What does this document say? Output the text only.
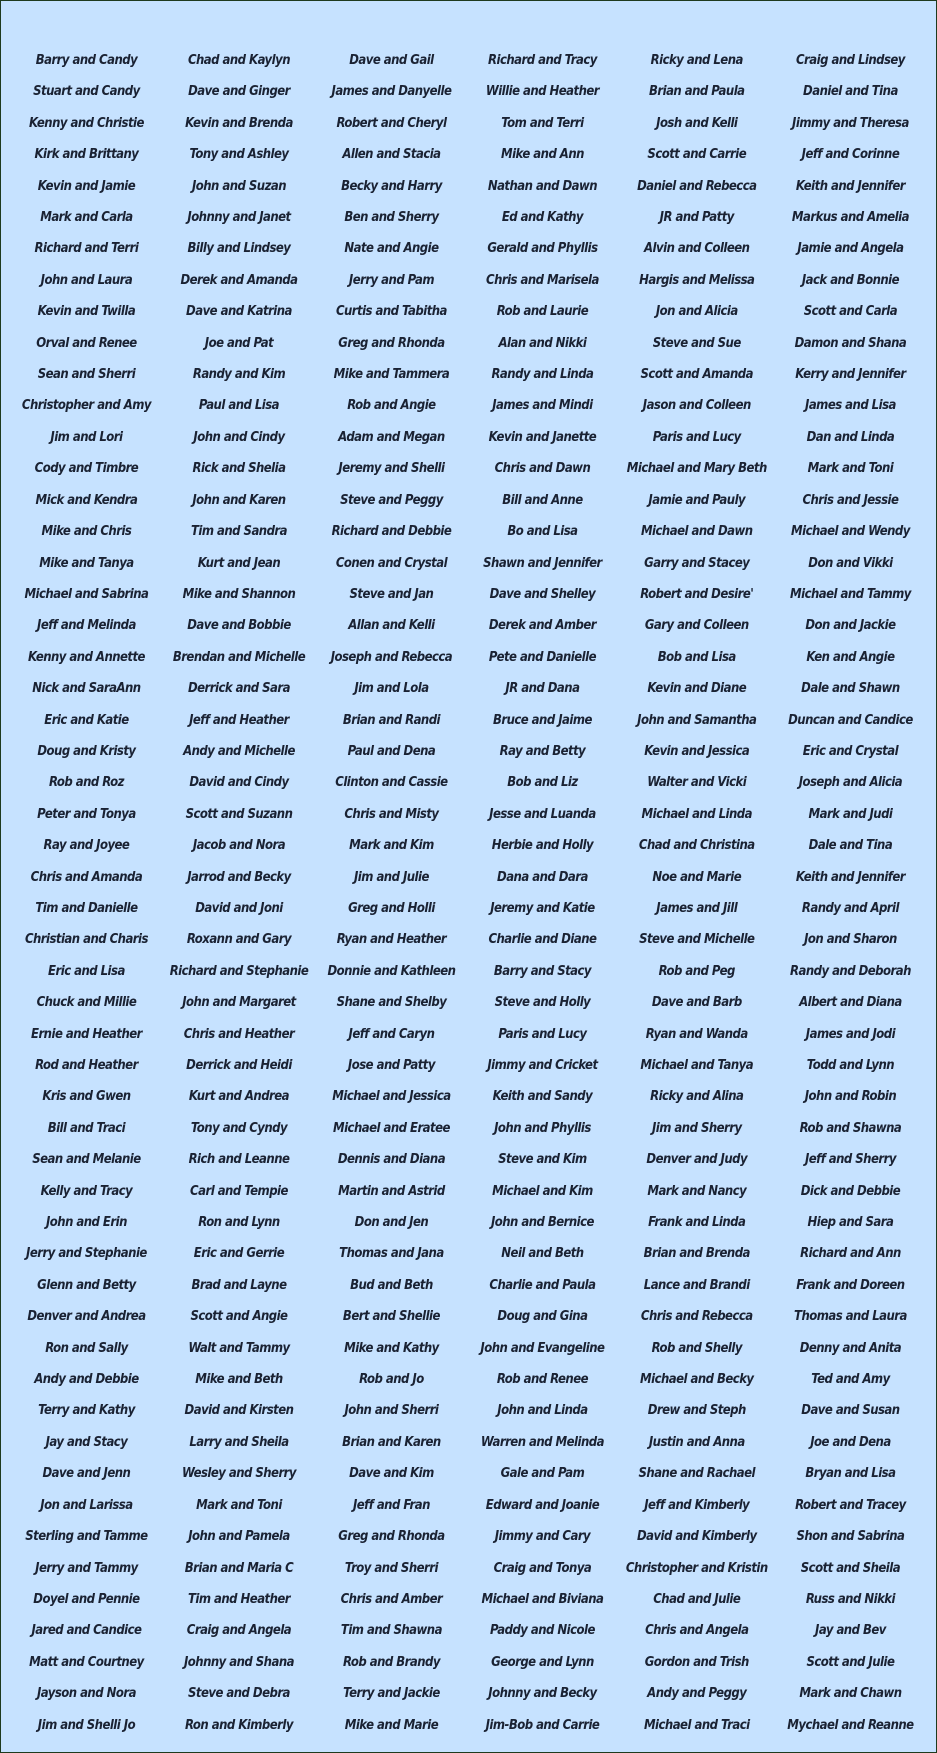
Barry and Candy	Chad and Kaylyn	Dave and Gail	Richard and Tracy	Ricky and Lena	Craig and Lindsey
Stuart and Candy	Dave and Ginger	James and Danyelle	Willie and Heather	Brian and Paula	Daniel and Tina
Kenny and Christie	Kevin and Brenda	Robert and Cheryl	Tom and Terri	Josh and Kelli	Jimmy and Theresa
Kirk and Brittany	Tony and Ashley	Allen and Stacia	Mike and Ann	Scott and Carrie	Jeff and Corinne
Kevin and Jamie	John and Suzan	Becky and Harry	Nathan and Dawn	Daniel and Rebecca	Keith and Jennifer
Mark and Carla	Johnny and Janet	Ben and Sherry	Ed and Kathy	JR and Patty	Markus and Amelia
Richard and Terri	Billy and Lindsey	Nate and Angie	Gerald and Phyllis	Alvin and Colleen	Jamie and Angela
John and Laura	Derek and Amanda	Jerry and Pam	Chris and Marisela	Hargis and Melissa	Jack and Bonnie
Kevin and Twilla	Dave and Katrina	Curtis and Tabitha	Rob and Laurie	Jon and Alicia	Scott and Carla
Orval and Renee	Joe and Pat	Greg and Rhonda	Alan and Nikki	Steve and Sue	Damon and Shana
Sean and Sherri	Randy and Kim	Mike and Tammera	Randy and Linda	Scott and Amanda	Kerry and Jennifer
Christopher and Amy	Paul and Lisa	Rob and Angie	James and Mindi	Jason and Colleen	James and Lisa
Jim and Lori	John and Cindy	Adam and Megan	Kevin and Janette	Paris and Lucy	Dan and Linda
Cody and Timbre	Rick and Shelia	Jeremy and Shelli	Chris and Dawn	Michael and Mary Beth	Mark and Toni
Mick and Kendra	John and Karen	Steve and Peggy	Bill and Anne	Jamie and Pauly	Chris and Jessie
Mike and Chris	Tim and Sandra	Richard and Debbie	Bo and Lisa	Michael and Dawn	Michael and Wendy
Mike and Tanya	Kurt and Jean	Conen and Crystal	Shawn and Jennifer	Garry and Stacey	Don and Vikki
Michael and Sabrina	Mike and Shannon	Steve and Jan	Dave and Shelley	Robert and Desire'	Michael and Tammy
Jeff and Melinda	Dave and Bobbie	Allan and Kelli	Derek and Amber	Gary and Colleen	Don and Jackie
Kenny and Annette	Brendan and Michelle	Joseph and Rebecca	Pete and Danielle	Bob and Lisa	Ken and Angie
Nick and SaraAnn	Derrick and Sara	Jim and Lola	JR and Dana	Kevin and Diane	Dale and Shawn
Eric and Katie	Jeff and Heather	Brian and Randi	Bruce and Jaime	John and Samantha	Duncan and Candice
Doug and Kristy	Andy and Michelle	Paul and Dena	Ray and Betty	Kevin and Jessica	Eric and Crystal
Rob and Roz	David and Cindy	Clinton and Cassie	Bob and Liz	Walter and Vicki	Joseph and Alicia
Peter and Tonya	Scott and Suzann	Chris and Misty	Jesse and Luanda	Michael and Linda	Mark and Judi
Ray and Joyee	Jacob and Nora	Mark and Kim	Herbie and Holly	Chad and Christina	Dale and Tina
Chris and Amanda	Jarrod and Becky	Jim and Julie	Dana and Dara	Noe and Marie	Keith and Jennifer
Tim and Danielle	David and Joni	Greg and Holli	Jeremy and Katie	James and Jill	Randy and April
Christian and Charis	Roxann and Gary	Ryan and Heather	Charlie and Diane	Steve and Michelle	Jon and Sharon
Eric and Lisa	Richard and Stephanie	Donnie and Kathleen	Barry and Stacy	Rob and Peg	Randy and Deborah
Chuck and Millie	John and Margaret	Shane and Shelby	Steve and Holly	Dave and Barb	Albert and Diana
Ernie and Heather	Chris and Heather	Jeff and Caryn	Paris and Lucy	Ryan and Wanda	James and Jodi
Rod and Heather	Derrick and Heidi	Jose and Patty	Jimmy and Cricket	Michael and Tanya	Todd and Lynn
Kris and Gwen	Kurt and Andrea	Michael and Jessica	Keith and Sandy	Ricky and Alina	John and Robin
Bill and Traci	Tony and Cyndy	Michael and Eratee	John and Phyllis	Jim and Sherry	Rob and Shawna
Sean and Melanie	Rich and Leanne	Dennis and Diana	Steve and Kim	Denver and Judy	Jeff and Sherry
Kelly and Tracy	Carl and Tempie	Martin and Astrid	Michael and Kim	Mark and Nancy	Dick and Debbie
John and Erin	Ron and Lynn	Don and Jen	John and Bernice	Frank and Linda	Hiep and Sara
Jerry and Stephanie	Eric and Gerrie	Thomas and Jana	Neil and Beth	Brian and Brenda	Richard and Ann
Glenn and Betty	Brad and Layne	Bud and Beth	Charlie and Paula	Lance and Brandi	Frank and Doreen
Denver and Andrea	Scott and Angie	Bert and Shellie	Doug and Gina	Chris and Rebecca	Thomas and Laura
Ron and Sally	Walt and Tammy	Mike and Kathy	John and Evangeline	Rob and Shelly	Denny and Anita
Andy and Debbie	Mike and Beth	Rob and Jo	Rob and Renee	Michael and Becky	Ted and Amy
Terry and Kathy	David and Kirsten	John and Sherri	John and Linda	Drew and Steph	Dave and Susan
Jay and Stacy	Larry and Sheila	Brian and Karen	Warren and Melinda	Justin and Anna	Joe and Dena
Dave and Jenn	Wesley and Sherry	Dave and Kim	Gale and Pam	Shane and Rachael	Bryan and Lisa
Jon and Larissa	Mark and Toni	Jeff and Fran	Edward and Joanie	Jeff and Kimberly	Robert and Tracey
Sterling and Tamme	John and Pamela	Greg and Rhonda	Jimmy and Cary	David and Kimberly	Shon and Sabrina
Jerry and Tammy	Brian and Maria C	Troy and Sherri	Craig and Tonya	Christopher and Kristin	Scott and Sheila
Doyel and Pennie	Tim and Heather	Chris and Amber	Michael and Biviana	Chad and Julie	Russ and Nikki
Jared and Candice	Craig and Angela	Tim and Shawna	Paddy and Nicole	Chris and Angela	Jay and Bev
Matt and Courtney	Johnny and Shana	Rob and Brandy	George and Lynn	Gordon and Trish	Scott and Julie
Jayson and Nora	Steve and Debra	Terry and Jackie	Johnny and Becky	Andy and Peggy	Mark and Chawn
Jim and Shelli Jo	Ron and Kimberly	Mike and Marie	Jim-Bob and Carrie	Michael and Traci	Mychael and Reanne
